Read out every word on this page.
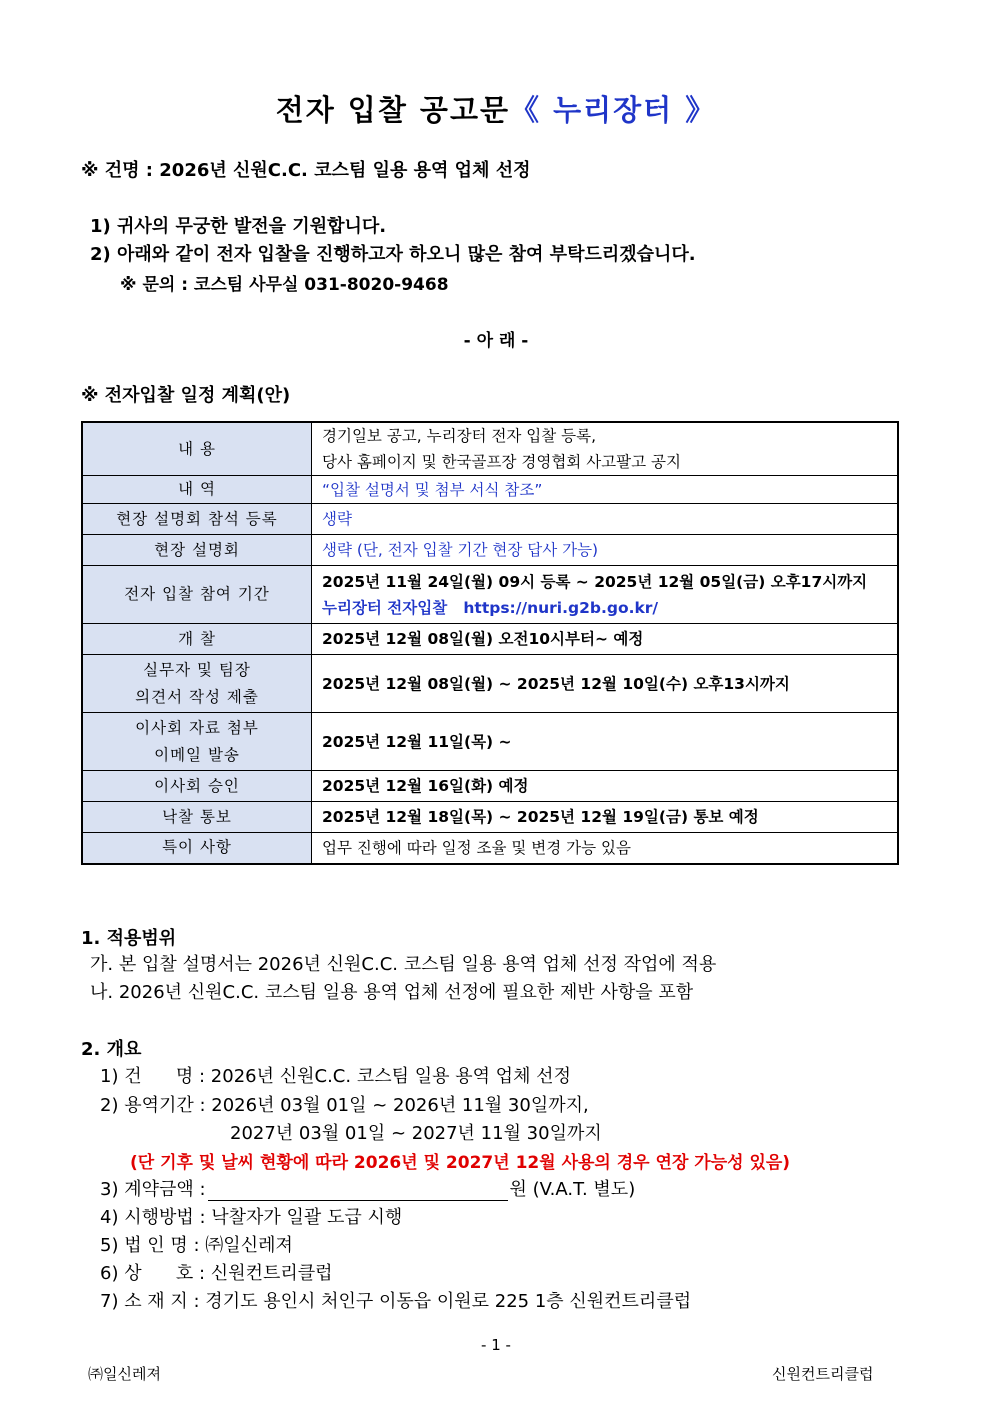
전자 입찰 공고문《 누리장터 》
※ 건명 : 2026년 신원C.C. 코스팀 일용 용역 업체 선정
1) 귀사의 무궁한 발전을 기원합니다.
2) 아래와 같이 전자 입찰을 진행하고자 하오니 많은 참여 부탁드리겠습니다.
※ 문의 : 코스팀 사무실 031-8020-9468
- 아 래 -
※ 전자입찰 일정 계획(안)
내 용	경기일보 공고, 누리장터 전자 입찰 등록,
당사 홈페이지 및 한국골프장 경영협회 사고팔고 공지

내 역	“입찰 설명서 및 첨부 서식 참조”

현장 설명회 참석 등록	생략

현장 설명회	생략 (단, 전자 입찰 기간 현장 답사 가능)

전자 입찰 참여 기간	2025년 11월 24일(월) 09시 등록 ~ 2025년 12월 05일(금) 오후17시까지
누리장터 전자입찰   https://nuri.g2b.go.kr/

개 찰	2025년 12월 08일(월) 오전10시부터~ 예정

실무자 및 팀장
의견서 작성 제출	2025년 12월 08일(월) ~ 2025년 12월 10일(수) 오후13시까지

이사회 자료 첨부
이메일 발송	2025년 12월 11일(목) ~

이사회 승인	2025년 12월 16일(화) 예정

낙찰 통보	2025년 12월 18일(목) ~ 2025년 12월 19일(금) 통보 예정

특이 사항	업무 진행에 따라 일정 조율 및 변경 가능 있음
1. 적용범위
가. 본 입찰 설명서는 2026년 신원C.C. 코스팀 일용 용역 업체 선정 작업에 적용
나. 2026년 신원C.C. 코스팀 일용 용역 업체 선정에 필요한 제반 사항을 포함
2. 개요
1) 건      명 : 2026년 신원C.C. 코스팀 일용 용역 업체 선정
2) 용역기간 : 2026년 03월 01일 ~ 2026년 11월 30일까지,
2027년 03월 01일 ~ 2027년 11월 30일까지
(단 기후 및 날씨 현황에 따라 2026년 및 2027년 12월 사용의 경우 연장 가능성 있음)
3) 계약금액 :	원 (V.A.T. 별도)
4) 시행방법 : 낙찰자가 일괄 도급 시행
5) 법 인 명 : ㈜일신레져
6) 상      호 : 신원컨트리클럽
7) 소 재 지 : 경기도 용인시 처인구 이동읍 이원로 225 1층 신원컨트리클럽
- 1 -
㈜일신레져	신원컨트리클럽
